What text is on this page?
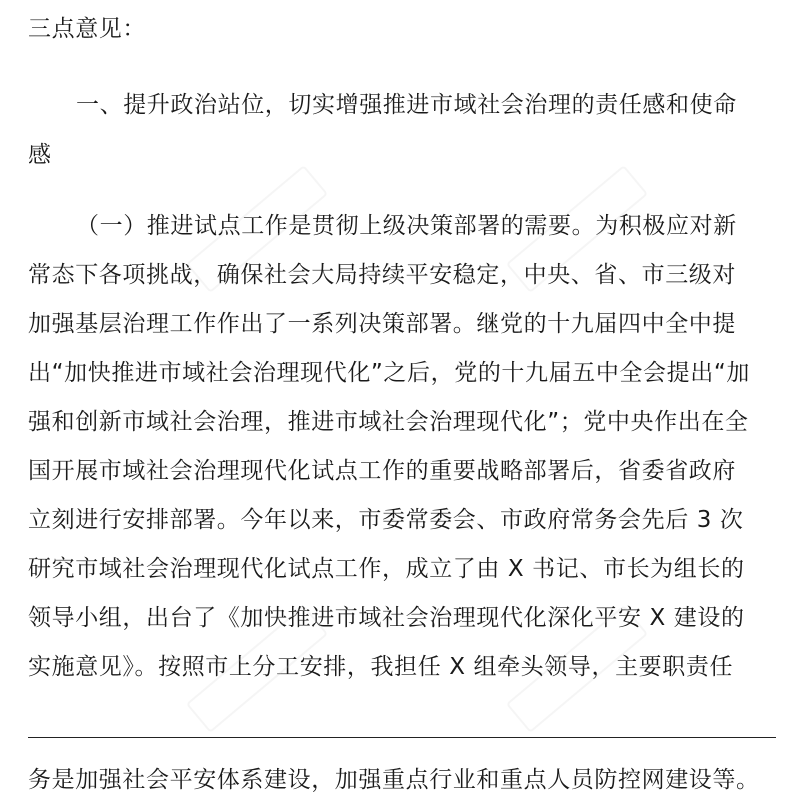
三点意见：
一、提升政治站位，切实增强推进市域社会治理的责任感和使命
感
（一）推进试点工作是贯彻上级决策部署的需要。为积极应对新
常态下各项挑战，确保社会大局持续平安稳定，中央、省、市三级对
加强基层治理工作作出了一系列决策部署。继党的十九届四中全中提
出“加快推进市域社会治理现代化”之后，党的十九届五中全会提出“加
强和创新市域社会治理，推进市域社会治理现代化”；党中央作出在全
国开展市域社会治理现代化试点工作的重要战略部署后，省委省政府
立刻进行安排部署。今年以来，市委常委会、市政府常务会先后 3 次
研究市域社会治理现代化试点工作，成立了由 X 书记、市长为组长的
领导小组，出台了《加快推进市域社会治理现代化深化平安 X 建设的
实施意见》。按照市上分工安排，我担任 X 组牵头领导，主要职责任
务是加强社会平安体系建设，加强重点行业和重点人员防控网建设等。
